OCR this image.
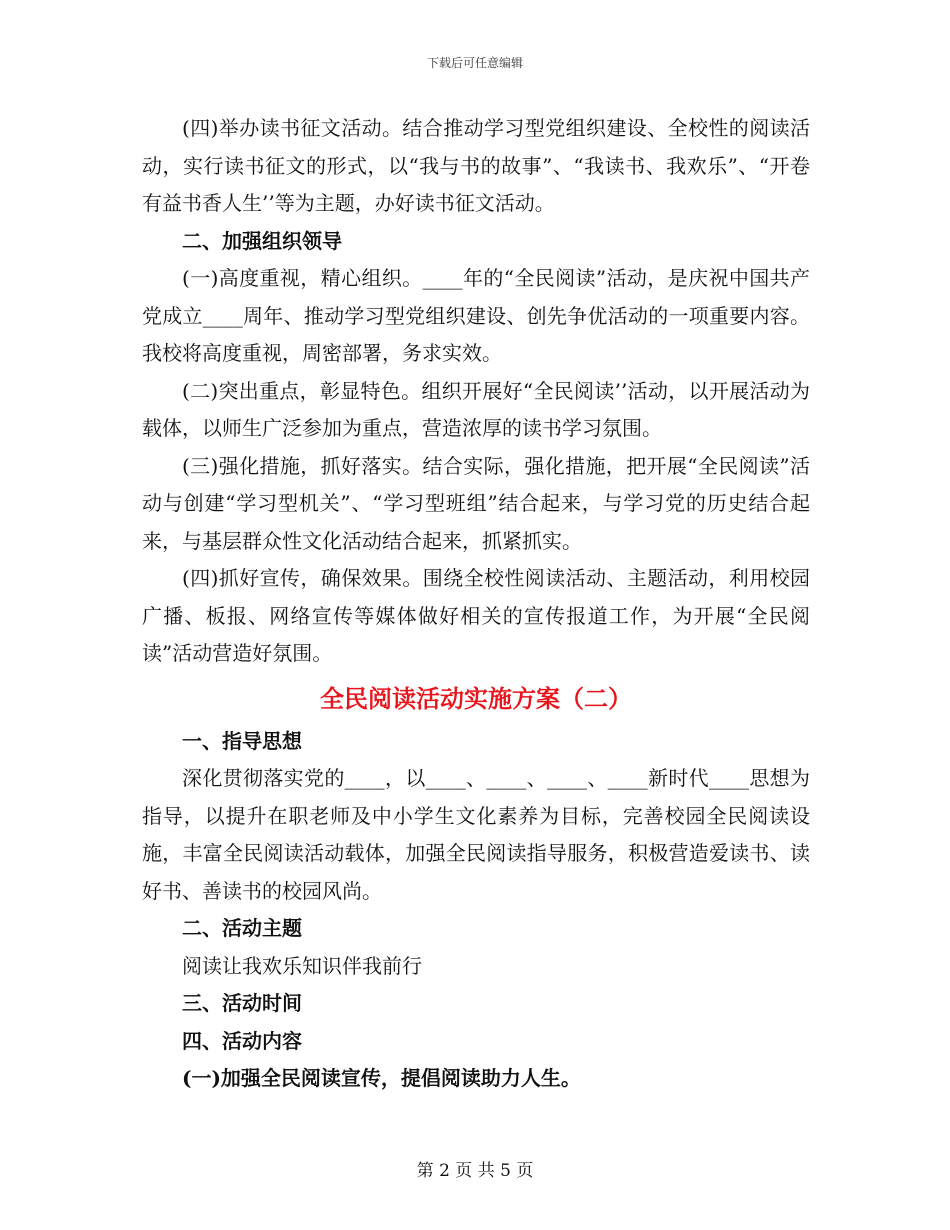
下载后可任意编辑

(四)举办读书征文活动。结合推动学习型党组织建设、全校性的阅读活动，实行读书征文的形式，以“我与书的故事”、“我读书、我欢乐”、“开卷有益书香人生’’等为主题，办好读书征文活动。

二、加强组织领导

(一)高度重视，精心组织。____年的“全民阅读”活动，是庆祝中国共产党成立____周年、推动学习型党组织建设、创先争优活动的一项重要内容。我校将高度重视，周密部署，务求实效。

(二)突出重点，彰显特色。组织开展好“全民阅读’’活动，以开展活动为载体，以师生广泛参加为重点，营造浓厚的读书学习氛围。

(三)强化措施，抓好落实。结合实际，强化措施，把开展“全民阅读”活动与创建“学习型机关”、“学习型班组”结合起来，与学习党的历史结合起来，与基层群众性文化活动结合起来，抓紧抓实。

(四)抓好宣传，确保效果。围绕全校性阅读活动、主题活动，利用校园广播、板报、网络宣传等媒体做好相关的宣传报道工作，为开展“全民阅读”活动营造好氛围。

全民阅读活动实施方案（二）

一、指导思想

深化贯彻落实党的____，以____、____、____、____新时代____思想为指导，以提升在职老师及中小学生文化素养为目标，完善校园全民阅读设施，丰富全民阅读活动载体，加强全民阅读指导服务，积极营造爱读书、读好书、善读书的校园风尚。

二、活动主题

阅读让我欢乐知识伴我前行

三、活动时间

四、活动内容

(一)加强全民阅读宣传，提倡阅读助力人生。

第 2 页 共 5 页
